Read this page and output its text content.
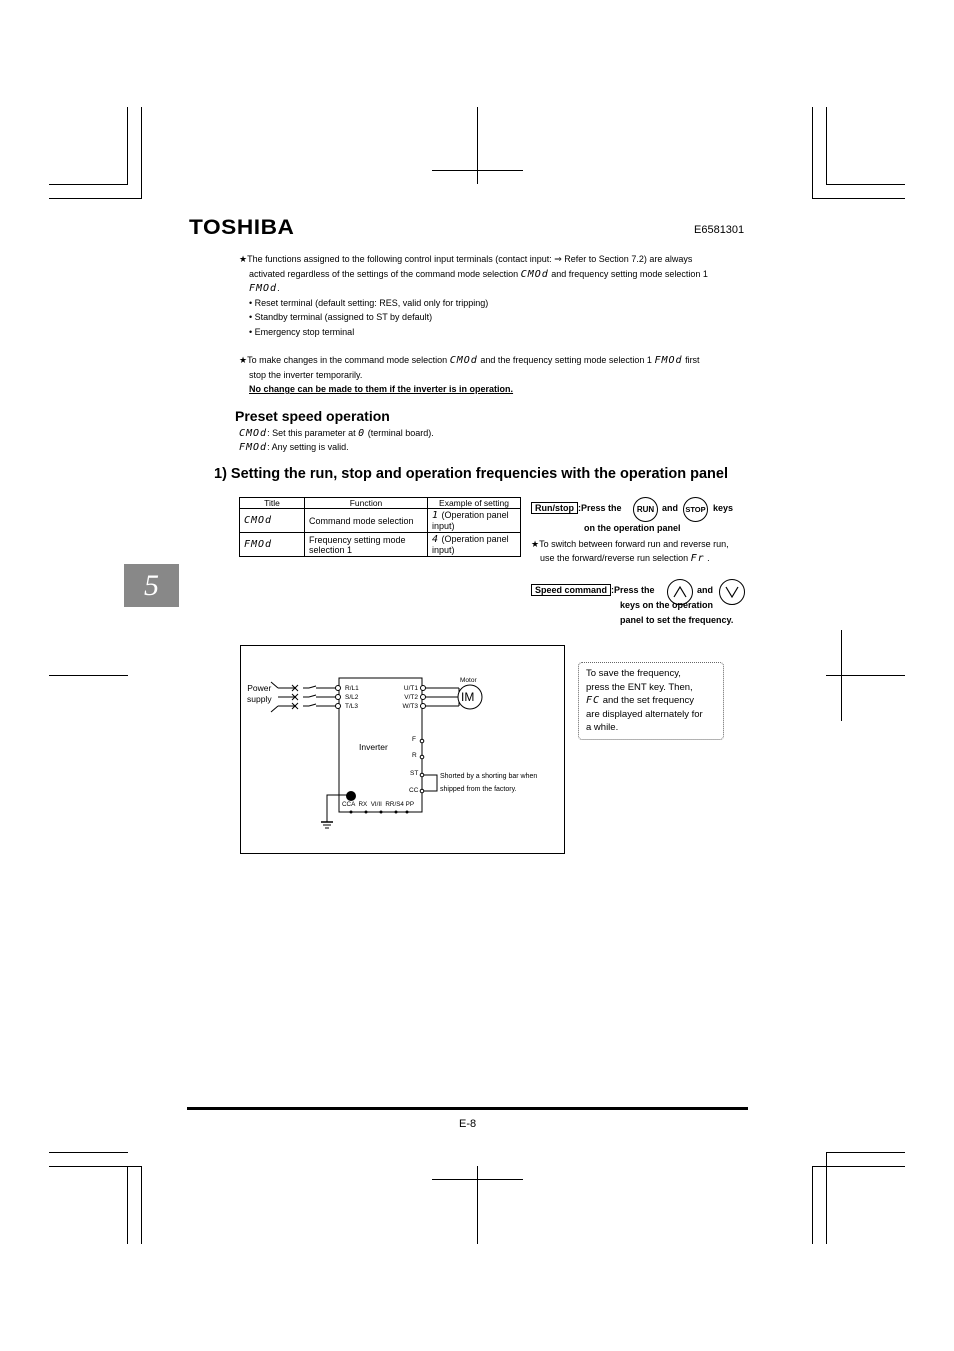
TOSHIBA	E6581301
★The functions assigned to the following control input terminals (contact input: ⇒ Refer to Section 7.2) are always
activated regardless of the settings of the command mode selection CMOd and frequency setting mode selection 1
FMOd.
• Reset terminal (default setting: RES, valid only for tripping)
• Standby terminal (assigned to ST by default)
• Emergency stop terminal
★To make changes in the command mode selection CMOd and the frequency setting mode selection 1 FMOd first
stop the inverter temporarily.
No change can be made to them if the inverter is in operation.
Preset speed operation
CMOd: Set this parameter at 0 (terminal board).
FMOd: Any setting is valid.
1) Setting the run, stop and operation frequencies with the operation panel
Title	Function	Example of setting
CMOd	Command mode selection	1 (Operation panel input)
FMOd	Frequency setting mode selection 1	4 (Operation panel input)
Run/stop :Press the	RUN and STOP keys
on the operation panel
★To switch between forward run and reverse run,
use the forward/reverse run selection Fr .
Speed command :Press the	and
keys on the operation
panel to set the frequency.
5
Power
supply
R/L1
S/L2
T/L3
U/T1
V/T2
W/T3
Motor
IM
Inverter
F
R
ST
CC
CCA  RX  VI/II  RR/S4 PP
Shorted by a shorting bar when
shipped from the factory.
To save the frequency,
press the ENT key. Then,
FC and the set frequency
are displayed alternately for
a while.
E-8
